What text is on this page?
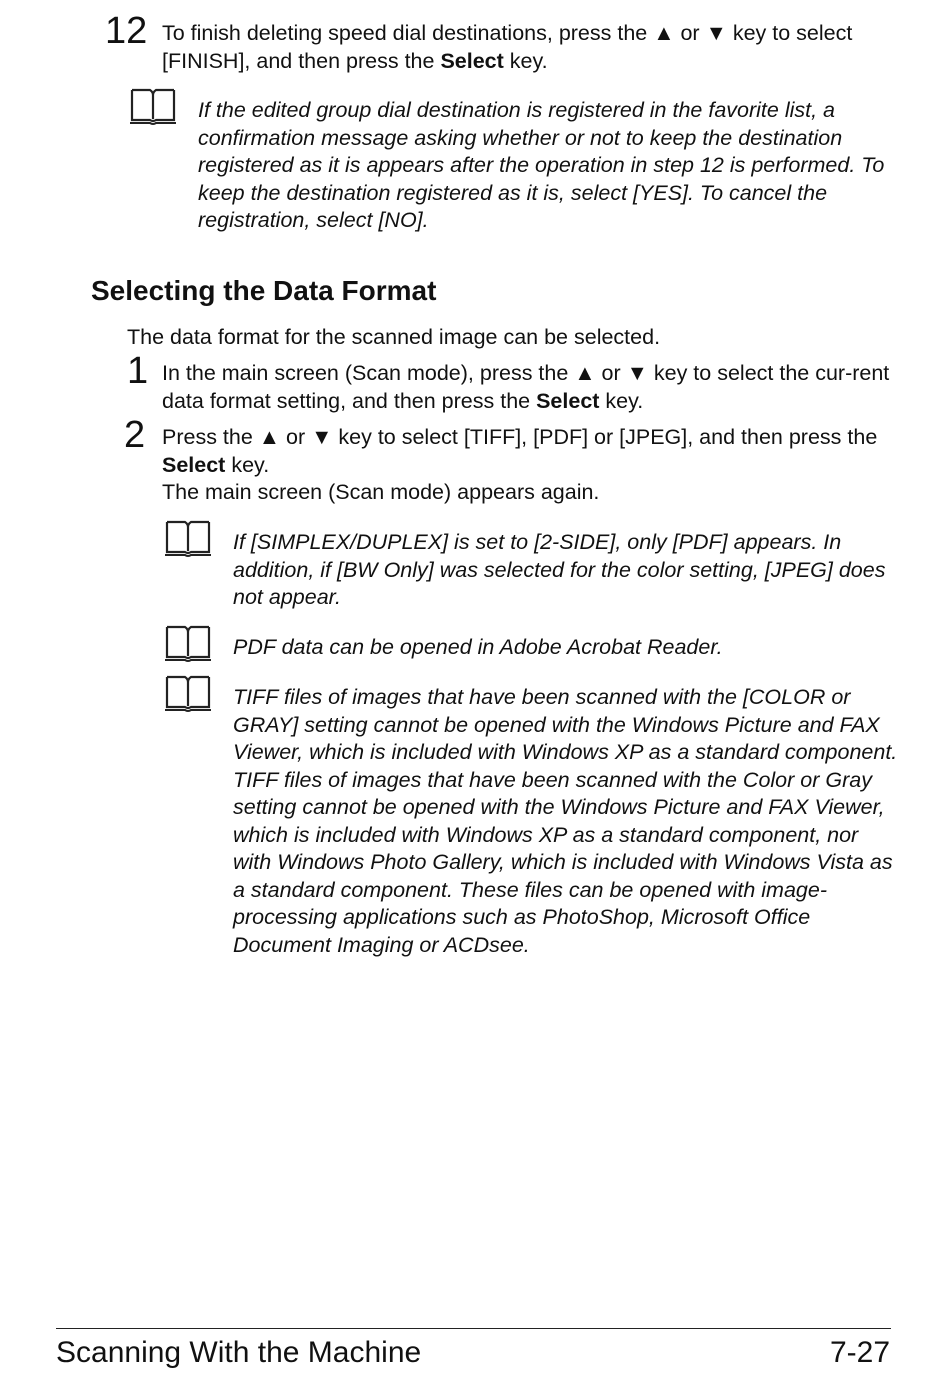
12 To finish deleting speed dial destinations, press the ▲ or ▼ key to select [FINISH], and then press the Select key.
If the edited group dial destination is registered in the favorite list, a confirmation message asking whether or not to keep the destination registered as it is appears after the operation in step 12 is performed. To keep the destination registered as it is, select [YES]. To cancel the registration, select [NO].
Selecting the Data Format
The data format for the scanned image can be selected.
1 In the main screen (Scan mode), press the ▲ or ▼ key to select the cur-rent data format setting, and then press the Select key.
2 Press the ▲ or ▼ key to select [TIFF], [PDF] or [JPEG], and then press the Select key.
The main screen (Scan mode) appears again.
If [SIMPLEX/DUPLEX] is set to [2-SIDE], only [PDF] appears. In addition, if [BW Only] was selected for the color setting, [JPEG] does not appear.
PDF data can be opened in Adobe Acrobat Reader.
TIFF files of images that have been scanned with the [COLOR or GRAY] setting cannot be opened with the Windows Picture and FAX Viewer, which is included with Windows XP as a standard component. TIFF files of images that have been scanned with the Color or Gray setting cannot be opened with the Windows Picture and FAX Viewer, which is included with Windows XP as a standard component, nor with Windows Photo Gallery, which is included with Windows Vista as a standard component. These files can be opened with image-processing applications such as PhotoShop, Microsoft Office Document Imaging or ACDsee.
Scanning With the Machine	7-27
